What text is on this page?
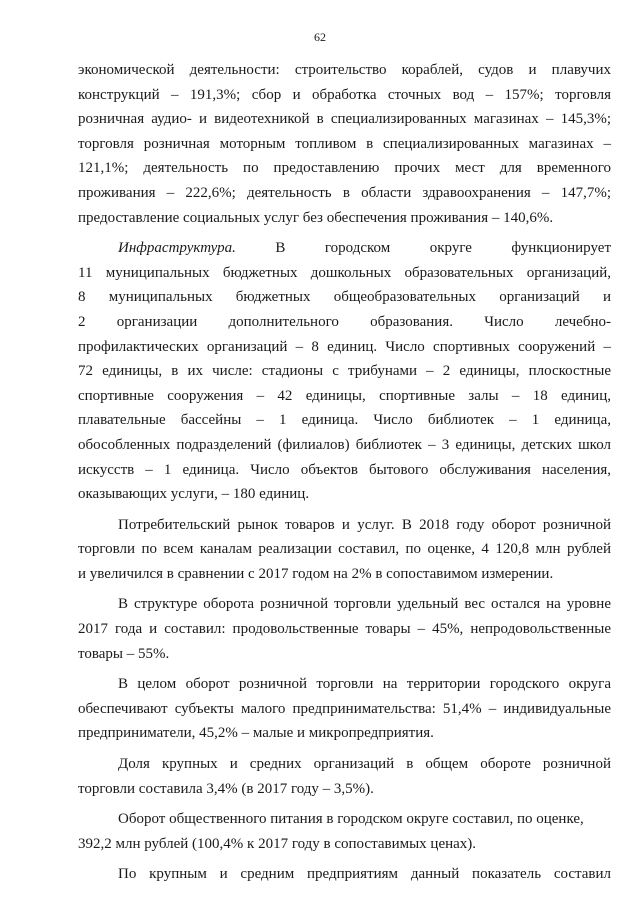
62
экономической деятельности: строительство кораблей, судов и плавучих
конструкций – 191,3%; сбор и обработка сточных вод – 157%; торговля
розничная аудио- и видеотехникой в специализированных магазинах – 145,3%;
торговля розничная моторным топливом в специализированных магазинах –
121,1%; деятельность по предоставлению прочих мест для временного
проживания – 222,6%; деятельность в области здравоохранения – 147,7%;
предоставление социальных услуг без обеспечения проживания – 140,6%.
Инфраструктура.	В городском округе функционирует
11 муниципальных бюджетных дошкольных образовательных организаций,
8 муниципальных бюджетных общеобразовательных организаций и
2 организации дополнительного образования. Число лечебно-
профилактических организаций – 8 единиц. Число спортивных сооружений –
72 единицы, в их числе: стадионы с трибунами – 2 единицы, плоскостные
спортивные сооружения – 42 единицы, спортивные залы – 18 единиц,
плавательные бассейны – 1 единица. Число библиотек – 1 единица,
обособленных подразделений (филиалов) библиотек – 3 единицы, детских школ
искусств – 1 единица. Число объектов бытового обслуживания населения,
оказывающих услуги, – 180 единиц.
Потребительский рынок товаров и услуг. В 2018 году оборот розничной
торговли по всем каналам реализации составил, по оценке, 4 120,8 млн рублей
и увеличился в сравнении с 2017 годом на 2% в сопоставимом измерении.
В структуре оборота розничной торговли удельный вес остался на уровне
2017 года и составил: продовольственные товары – 45%, непродовольственные
товары – 55%.
В целом оборот розничной торговли на территории городского округа
обеспечивают субъекты малого предпринимательства: 51,4% – индивидуальные
предприниматели, 45,2% – малые и микропредприятия.
Доля крупных и средних организаций в общем обороте розничной
торговли составила 3,4% (в 2017 году – 3,5%).
Оборот общественного питания в городском округе составил, по оценке,
392,2 млн рублей (100,4% к 2017 году в сопоставимых ценах).
По крупным и средним предприятиям данный показатель составил
